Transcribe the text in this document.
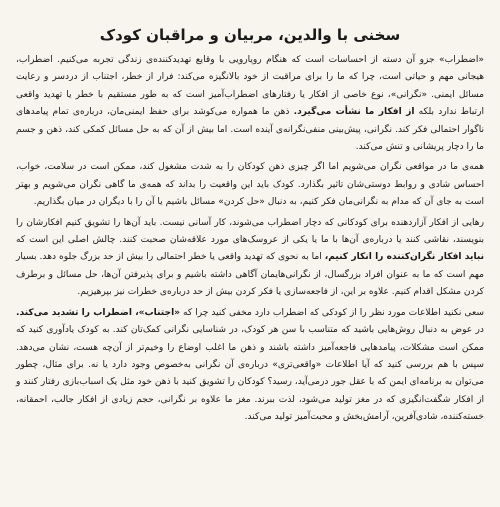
سخنی با والدین، مربیان و مراقبان کودک

«اضطراب» جزو آن دسته از احساسات است که هنگام رویارویی با وقایع تهدیدکننده‌ی زندگی تجربه می‌کنیم. اضطراب، هیجانی مهم و حیاتی است، چرا که ما را برای مراقبت از خود بالانگیزه می‌کند: فرار از خطر، اجتناب از دردسر و رعایت مسائل ایمنی. «نگرانی»، نوع خاصی از افکار یا رفتارهای اضطراب‌آمیز است که به طور مستقیم با خطر یا تهدید واقعی ارتباط ندارد بلکه از افکار ما نشأت می‌گیرد. ذهن ما همواره می‌کوشد برای حفظ ایمنی‌مان، درباره‌ی تمام پیامدهای ناگوار احتمالی فکر کند. نگرانی، پیش‌بینی منفی‌نگرانه‌ی آینده است. اما بیش از آن که به حل مسائل کمکی کند، ذهن و جسم ما را دچار پریشانی و تنش می‌کند.

همه‌ی ما در مواقعی نگران می‌شویم اما اگر چیزی ذهن کودکان را به شدت مشغول کند، ممکن است در سلامت، خواب، احساس شادی و روابط دوستی‌شان تاثیر بگذارد. کودک باید این واقعیت را بداند که همه‌ی ما گاهی نگران می‌شویم و بهتر است به جای آن که مدام به نگرانی‌مان فکر کنیم، به دنبال «حل کردن» مسائل باشیم یا آن را با دیگران در میان بگذاریم.

رهایی از افکار آزاردهنده برای کودکانی که دچار اضطراب می‌شوند، کار آسانی نیست. باید آن‌ها را تشویق کنیم افکارشان را بنویسند، نقاشی کنند یا درباره‌ی آن‌ها با ما یا یکی از عروسک‌های مورد علاقه‌شان صحبت کنند. چالش اصلی این است که نباید افکار نگران‌کننده را انکار کنیم، اما به نحوی که تهدید واقعی یا خطر احتمالی را بیش از حد بزرگ جلوه دهد. بسیار مهم است که ما به عنوان افراد بزرگسال، از نگرانی‌هایمان آگاهی داشته باشیم و برای پذیرفتن آن‌ها، حل مسائل و برطرف کردن مشکل اقدام کنیم. علاوه بر این، از فاجعه‌سازی یا فکر کردن بیش از حد درباره‌ی خطرات نیز بپرهیزیم.

سعی نکنید اطلاعات مورد نظر را از کودکی که اضطراب دارد مخفی کنید چرا که «اجتناب»، اضطراب را تشدید می‌کند. در عوض به دنبال روش‌هایی باشید که متناسب با سن هر کودک، در شناسایی نگرانی کمک‌تان کند. به کودک یادآوری کنید که ممکن است مشکلات، پیامدهایی فاجعه‌آمیز داشته باشند و ذهن ما اغلب اوضاع را وخیم‌تر از آن‌چه هست، نشان می‌دهد. سپس با هم بررسی کنید که آیا اطلاعات «واقعی‌تری» درباره‌ی آن نگرانی به‌خصوص وجود دارد یا نه. برای مثال، چطور می‌توان به برنامه‌ای ایمن که با عقل جور درمی‌آید، رسید؟ کودکان را تشویق کنید با ذهن خود مثل یک اسباب‌بازی رفتار کنند و از افکار شگفت‌انگیزی که در مغز تولید می‌شود، لذت ببرند. مغز ما علاوه بر نگرانی، حجم زیادی از افکار جالب، احمقانه، خسته‌کننده، شادی‌آفرین، آرامش‌بخش و محبت‌آمیز تولید می‌کند.
